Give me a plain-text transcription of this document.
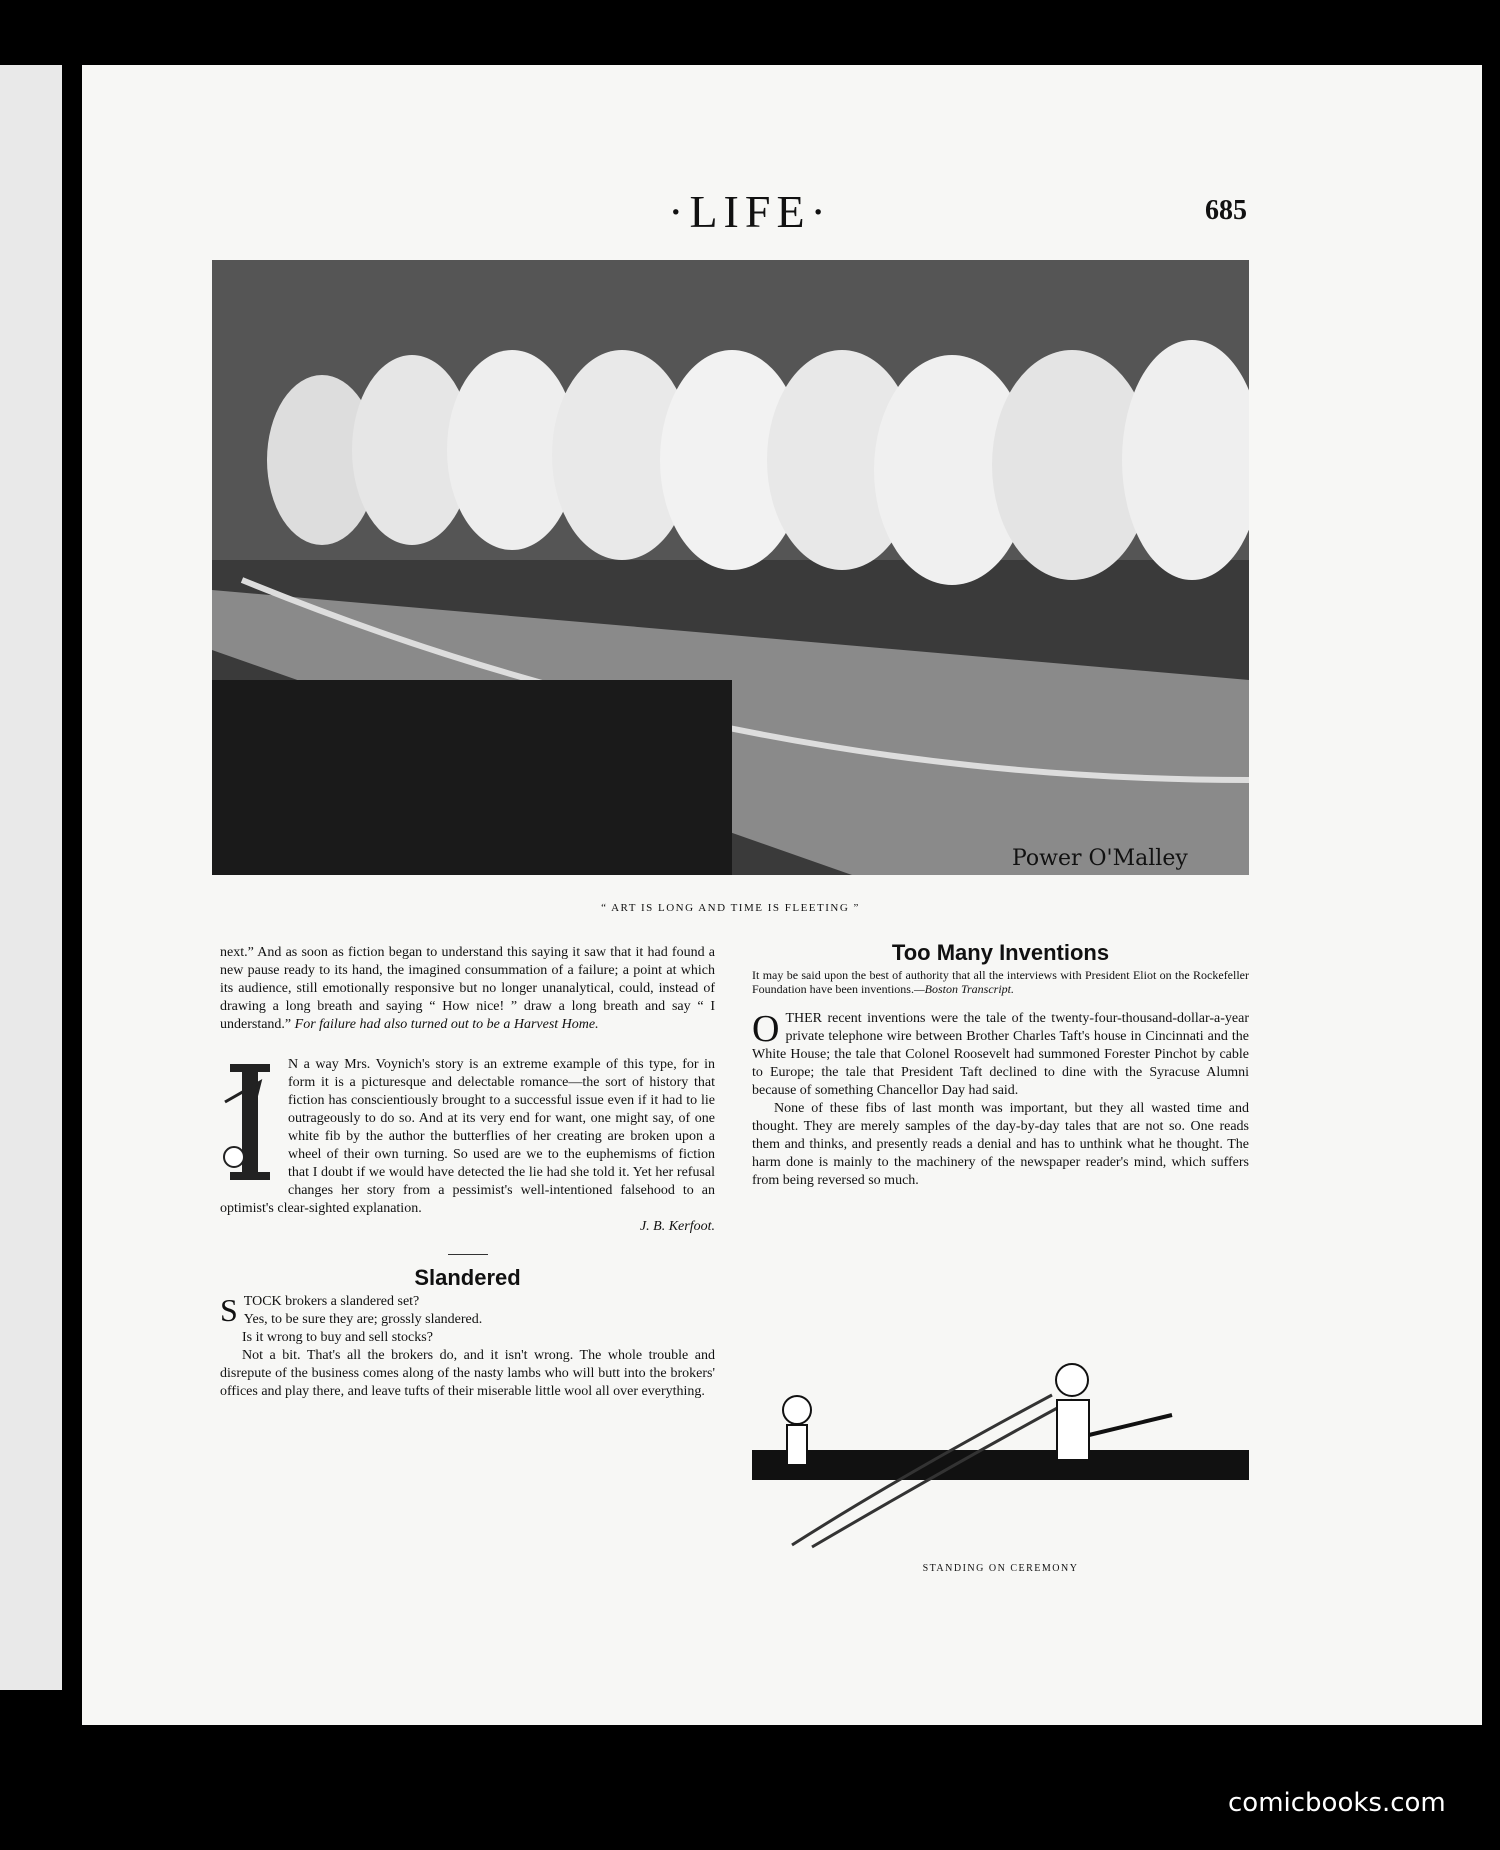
·LIFE·	685
Power O'Malley
“ ART IS LONG AND TIME IS FLEETING ”

next.” And as soon as fiction began to understand this saying it saw that it had found a new pause ready to its hand, the imagined consummation of a failure; a point at which its audience, still emotionally responsive but no longer unanalytical, could, instead of drawing a long breath and saying “ How nice! ” draw a long breath and say “ I understand.” For failure had also turned out to be a Harvest Home.

N a way Mrs. Voynich's story is an extreme example of this type, for in form it is a picturesque and delectable romance—the sort of history that fiction has conscientiously brought to a successful issue even if it had to lie outrageously to do so. And at its very end for want, one might say, of one white fib by the author the butterflies of her creating are broken upon a wheel of their own turning. So used are we to the euphemisms of fiction that I doubt if we would have detected the lie had she told it. Yet her refusal changes her story from a pessimist's well-intentioned falsehood to an optimist's clear-sighted explanation.

J. B. Kerfoot.

Slandered

STOCK brokers a slandered set?
Yes, to be sure they are; grossly slandered.
Is it wrong to buy and sell stocks?

Not a bit. That's all the brokers do, and it isn't wrong. The whole trouble and disrepute of the business comes along of the nasty lambs who will butt into the brokers' offices and play there, and leave tufts of their miserable little wool all over everything.

Too Many Inventions

It may be said upon the best of authority that all the interviews with President Eliot on the Rockefeller Foundation have been inventions.—Boston Transcript.

OTHER recent inventions were the tale of the twenty-four-thousand-dollar-a-year private telephone wire between Brother Charles Taft's house in Cincinnati and the White House; the tale that Colonel Roosevelt had summoned Forester Pinchot by cable to Europe; the tale that President Taft declined to dine with the Syracuse Alumni because of something Chancellor Day had said.

None of these fibs of last month was important, but they all wasted time and thought. They are merely samples of the day-by-day tales that are not so. One reads them and thinks, and presently reads a denial and has to unthink what he thought. The harm done is mainly to the machinery of the newspaper reader's mind, which suffers from being reversed so much.

STANDING ON CEREMONY
comicbooks.com
